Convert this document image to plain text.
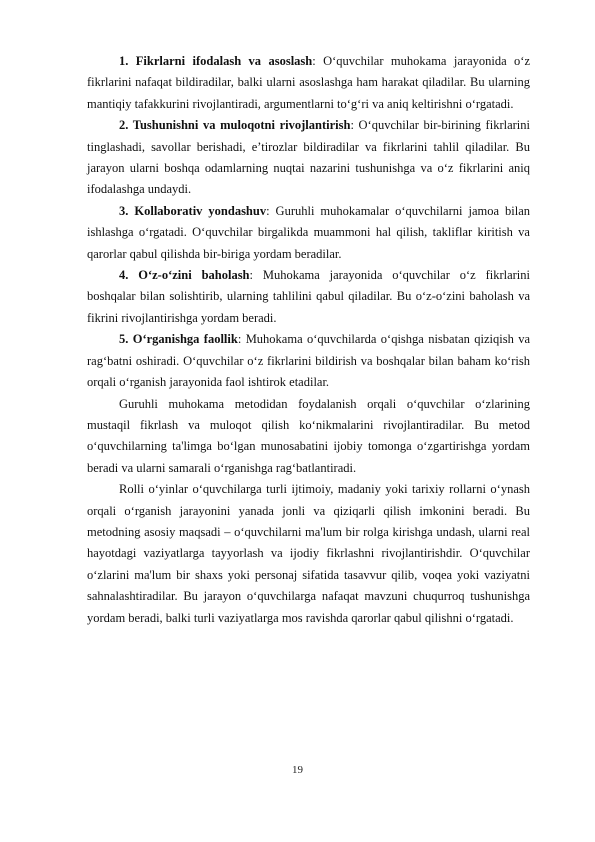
1. Fikrlarni ifodalash va asoslash: O‘quvchilar muhokama jarayonida o‘z fikrlarini nafaqat bildiradilar, balki ularni asoslashga ham harakat qiladilar. Bu ularning mantiqiy tafakkurini rivojlantiradi, argumentlarni to‘g‘ri va aniq keltirishni o‘rgatadi.

2. Tushunishni va muloqotni rivojlantirish: O‘quvchilar bir-birining fikrlarini tinglashadi, savollar berishadi, e’tirozlar bildiradilar va fikrlarini tahlil qiladilar. Bu jarayon ularni boshqa odamlarning nuqtai nazarini tushunishga va o‘z fikrlarini aniq ifodalashga undaydi.

3. Kollaborativ yondashuv: Guruhli muhokamalar o‘quvchilarni jamoa bilan ishlashga o‘rgatadi. O‘quvchilar birgalikda muammoni hal qilish, takliflar kiritish va qarorlar qabul qilishda bir-biriga yordam beradilar.

4. O‘z-o‘zini baholash: Muhokama jarayonida o‘quvchilar o‘z fikrlarini boshqalar bilan solishtirib, ularning tahlilini qabul qiladilar. Bu o‘z-o‘zini baholash va fikrini rivojlantirishga yordam beradi.

5. O‘rganishga faollik: Muhokama o‘quvchilarda o‘qishga nisbatan qiziqish va rag‘batni oshiradi. O‘quvchilar o‘z fikrlarini bildirish va boshqalar bilan baham ko‘rish orqali o‘rganish jarayonida faol ishtirok etadilar.

Guruhli muhokama metodidan foydalanish orqali o‘quvchilar o‘zlarining mustaqil fikrlash va muloqot qilish ko‘nikmalarini rivojlantiradilar. Bu metod o‘quvchilarning ta'limga bo‘lgan munosabatini ijobiy tomonga o‘zgartirishga yordam beradi va ularni samarali o‘rganishga rag‘batlantiradi.

Rolli o‘yinlar o‘quvchilarga turli ijtimoiy, madaniy yoki tarixiy rollarni o‘ynash orqali o‘rganish jarayonini yanada jonli va qiziqarli qilish imkonini beradi. Bu metodning asosiy maqsadi – o‘quvchilarni ma'lum bir rolga kirishga undash, ularni real hayotdagi vaziyatlarga tayyorlash va ijodiy fikrlashni rivojlantirishdir. O‘quvchilar o‘zlarini ma'lum bir shaxs yoki personaj sifatida tasavvur qilib, voqea yoki vaziyatni sahnalashtiradilar. Bu jarayon o‘quvchilarga nafaqat mavzuni chuqurroq tushunishga yordam beradi, balki turli vaziyatlarga mos ravishda qarorlar qabul qilishni o‘rgatadi.

19
